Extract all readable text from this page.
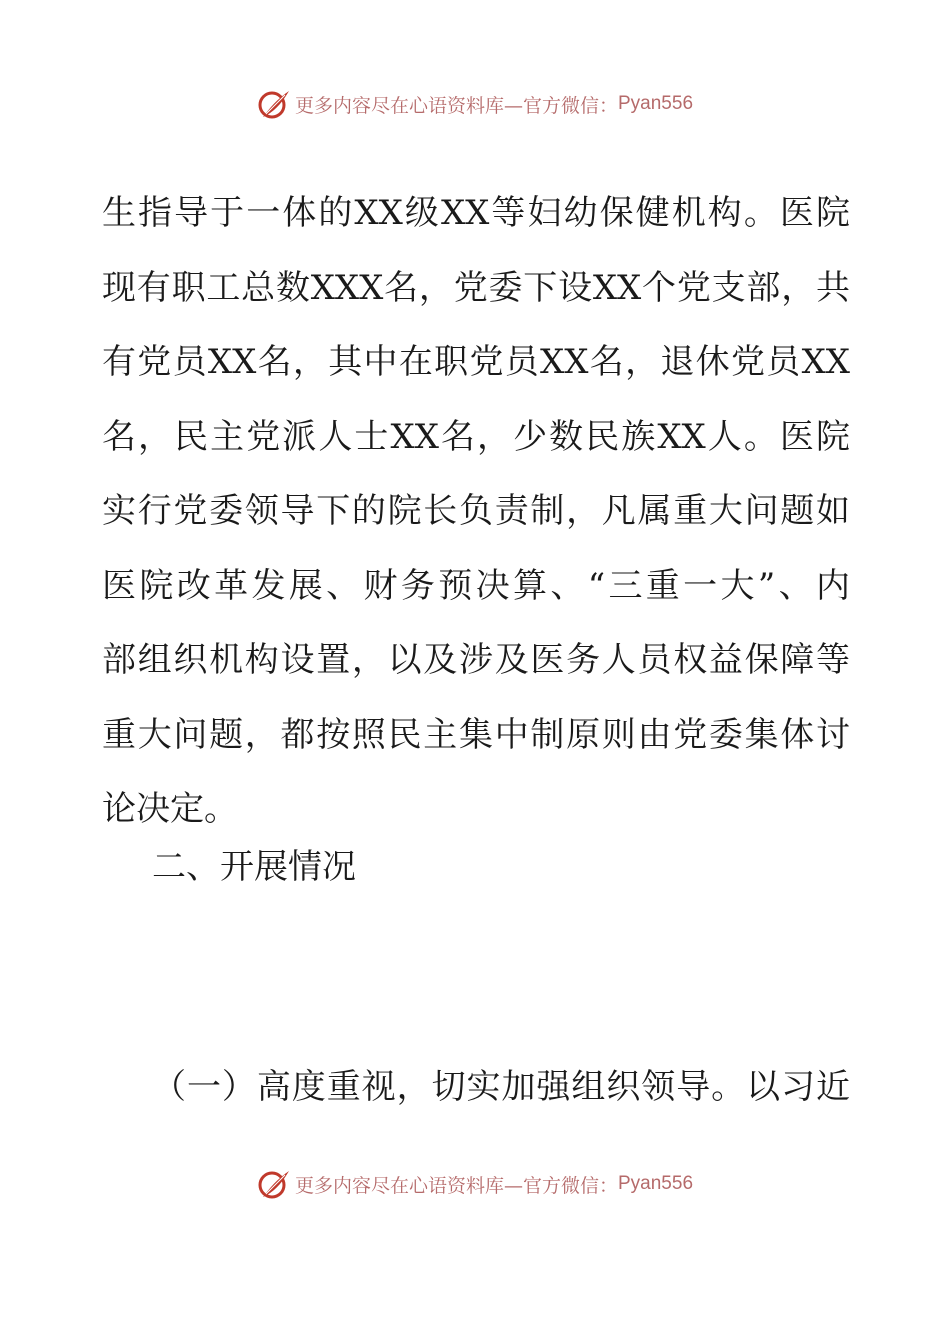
更多内容尽在心语资料库—官方微信： Pyan556
生指导于一体的XX级XX等妇幼保健机构。医院
现有职工总数XXX名，党委下设XX个党支部，共
有党员XX名，其中在职党员XX名，退休党员XX
名，民主党派人士XX名，少数民族XX人。医院
实行党委领导下的院长负责制，凡属重大问题如
医院改革发展、财务预决算、“三重一大”、内
部组织机构设置，以及涉及医务人员权益保障等
重大问题，都按照民主集中制原则由党委集体讨
论决定。
二、开展情况
（一）高度重视，切实加强组织领导。以习近
更多内容尽在心语资料库—官方微信： Pyan556
